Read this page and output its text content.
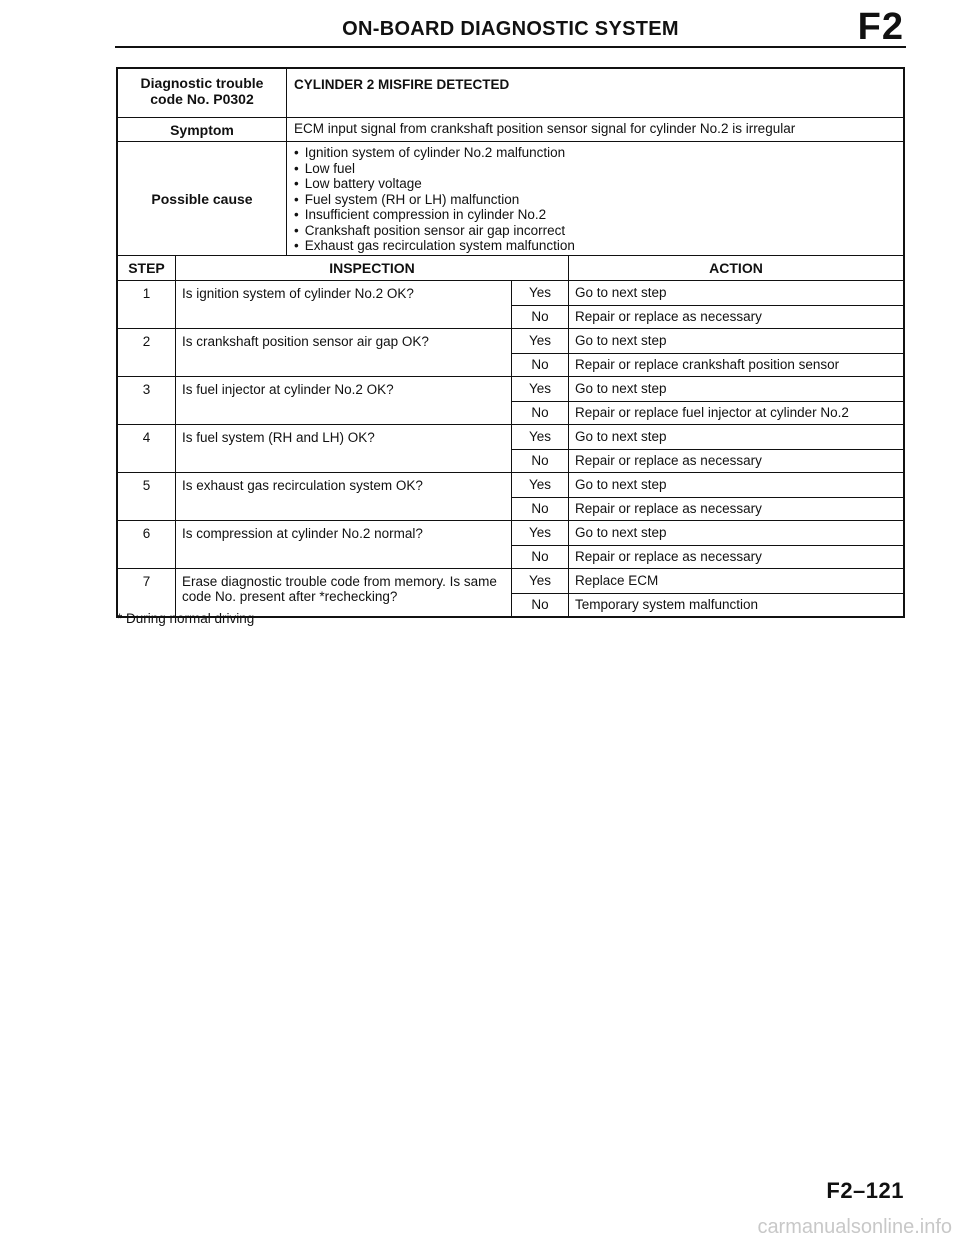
ON-BOARD DIAGNOSTIC SYSTEM	F2
Diagnostic trouble
code No. P0302
CYLINDER 2 MISFIRE DETECTED
Symptom	ECM input signal from crankshaft position sensor signal for cylinder No.2 is irregular
Possible cause
• Ignition system of cylinder No.2 malfunction
• Low fuel
• Low battery voltage
• Fuel system (RH or LH) malfunction
• Insufficient compression in cylinder No.2
• Crankshaft position sensor air gap incorrect
• Exhaust gas recirculation system malfunction
STEP	INSPECTION	ACTION
1	Is ignition system of cylinder No.2 OK?	Yes	Go to next step
No	Repair or replace as necessary
2	Is crankshaft position sensor air gap OK?	Yes	Go to next step
No	Repair or replace crankshaft position sensor
3	Is fuel injector at cylinder No.2 OK?	Yes	Go to next step
No	Repair or replace fuel injector at cylinder No.2
4	Is fuel system (RH and LH) OK?	Yes	Go to next step
No	Repair or replace as necessary
5	Is exhaust gas recirculation system OK?	Yes	Go to next step
No	Repair or replace as necessary
6	Is compression at cylinder No.2 normal?	Yes	Go to next step
No	Repair or replace as necessary
7	Erase diagnostic trouble code from memory. Is same code No. present after *rechecking?
Yes	Replace ECM
No	Temporary system malfunction
* During normal driving
F2–121
carmanualsonline.info
